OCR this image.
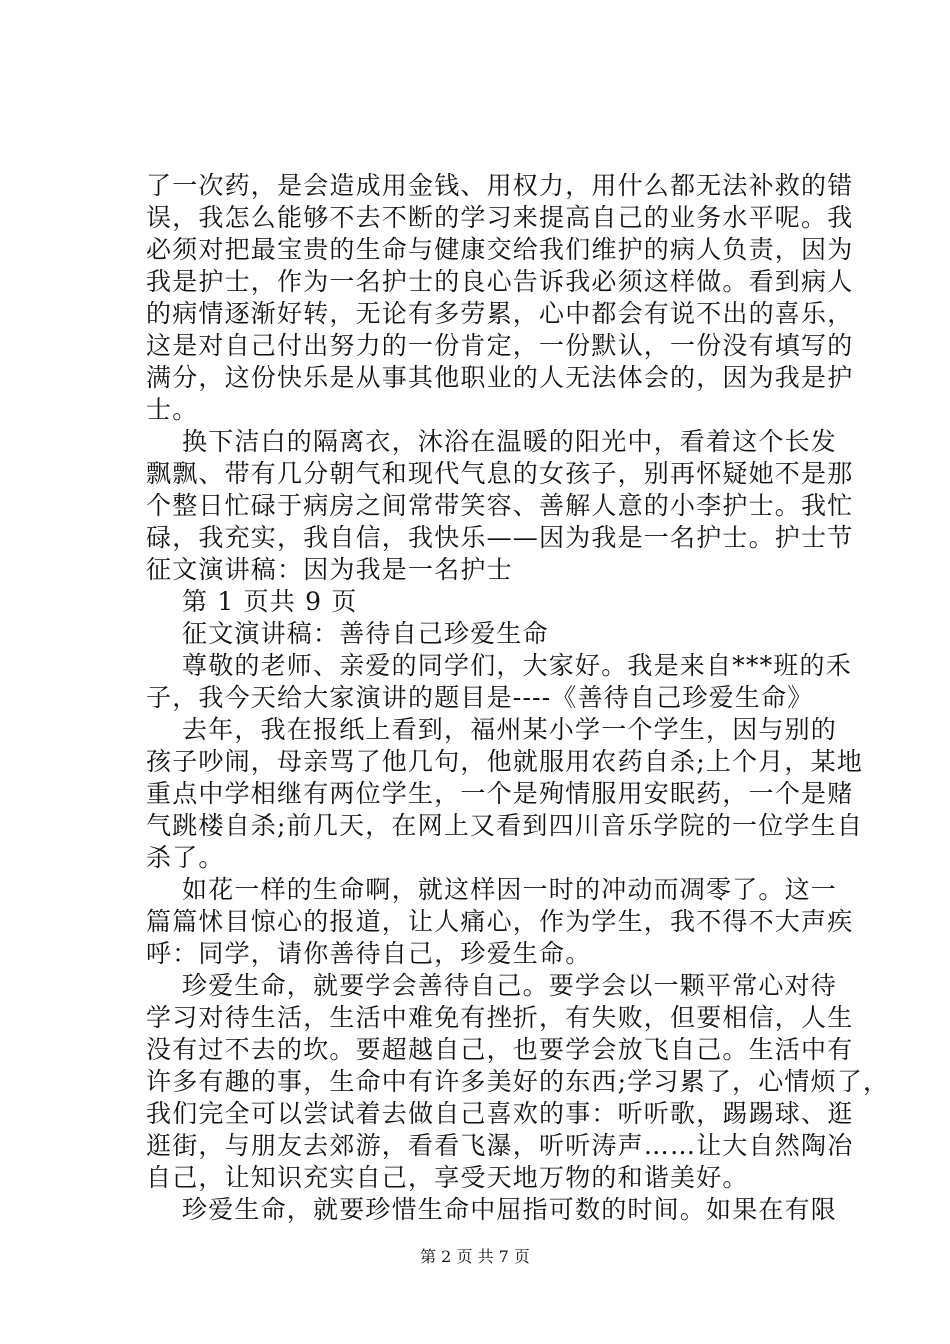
了一次药，是会造成用金钱、用权力，用什么都无法补救的错
误，我怎么能够不去不断的学习来提高自己的业务水平呢。我
必须对把最宝贵的生命与健康交给我们维护的病人负责，因为
我是护士，作为一名护士的良心告诉我必须这样做。看到病人
的病情逐渐好转，无论有多劳累，心中都会有说不出的喜乐，
这是对自己付出努力的一份肯定，一份默认，一份没有填写的
满分，这份快乐是从事其他职业的人无法体会的，因为我是护
士。
换下洁白的隔离衣，沐浴在温暖的阳光中，看着这个长发
飘飘、带有几分朝气和现代气息的女孩子，别再怀疑她不是那
个整日忙碌于病房之间常带笑容、善解人意的小李护士。我忙
碌，我充实，我自信，我快乐——因为我是一名护士。护士节
征文演讲稿：因为我是一名护士
第 1 页共 9 页
征文演讲稿：善待自己珍爱生命
尊敬的老师、亲爱的同学们，大家好。我是来自***班的禾
子，我今天给大家演讲的题目是----《善待自己珍爱生命》
去年，我在报纸上看到，福州某小学一个学生，因与别的
孩子吵闹，母亲骂了他几句，他就服用农药自杀;上个月，某地
重点中学相继有两位学生，一个是殉情服用安眠药，一个是赌
气跳楼自杀;前几天，在网上又看到四川音乐学院的一位学生自
杀了。
如花一样的生命啊，就这样因一时的冲动而凋零了。这一
篇篇怵目惊心的报道，让人痛心，作为学生，我不得不大声疾
呼：同学，请你善待自己，珍爱生命。
珍爱生命，就要学会善待自己。要学会以一颗平常心对待
学习对待生活，生活中难免有挫折，有失败，但要相信，人生
没有过不去的坎。要超越自己，也要学会放飞自己。生活中有
许多有趣的事，生命中有许多美好的东西;学习累了，心情烦了，
我们完全可以尝试着去做自己喜欢的事：听听歌，踢踢球、逛
逛街，与朋友去郊游，看看飞瀑，听听涛声……让大自然陶冶
自己，让知识充实自己，享受天地万物的和谐美好。
珍爱生命，就要珍惜生命中屈指可数的时间。如果在有限
第 2 页 共 7 页
